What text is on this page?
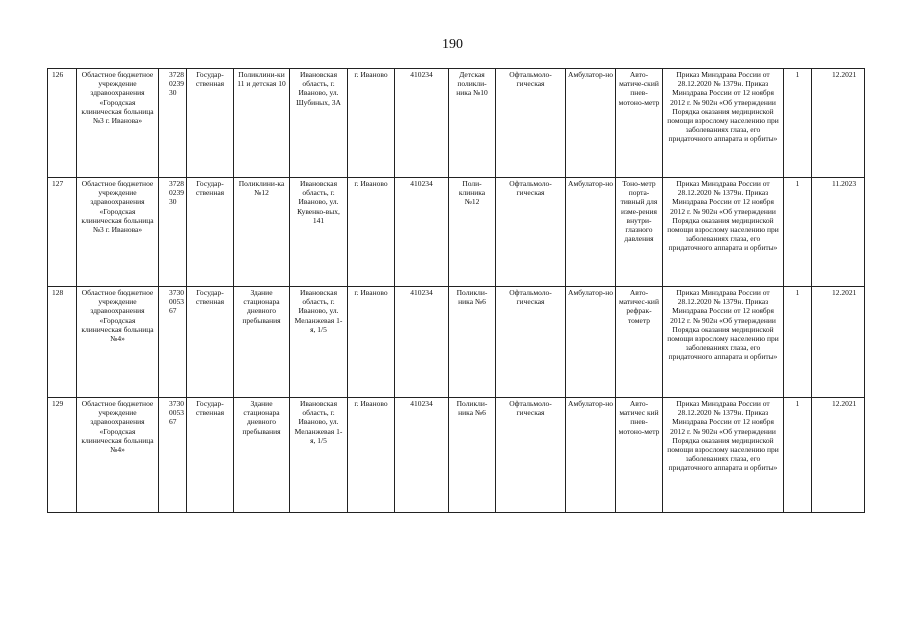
190
126	Областное бюджетное учреждение здравоохранения «Городская клиническая больница №3 г. Иванова»	3728 0239 30	Государ-ственная	Поликлини-ки 11 и детская 10	Ивановская область, г. Иваново, ул. Шубиных, 3А	г. Иваново	410234	Детская поликли-ника №10	Офтальмоло-гическая	Амбулатор-но	Авто-матиче-ский пнев-мотоно-метр	Приказ Минздрава России от 28.12.2020 № 1379н. Приказ Минздрава России от 12 ноября 2012 г. № 902н «Об утверждении Порядка оказания медицинской помощи взрослому населению при заболеваниях глаза, его придаточного аппарата и орбиты»	1	12.2021
127	Областное бюджетное учреждение здравоохранения «Городская клиническая больница №3 г. Иванова»	3728 0239 30	Государ-ственная	Поликлини-ка №12	Ивановская область, г. Иваново, ул. Кувенко-вых, 141	г. Иваново	410234	Поли-клиника №12	Офтальмоло-гическая	Амбулатор-но	Тоно-метр порта-тивный для изме-рения внутри-глазного давления	Приказ Минздрава России от 28.12.2020 № 1379н. Приказ Минздрава России от 12 ноября 2012 г. № 902н «Об утверждении Порядка оказания медицинской помощи взрослому населению при заболеваниях глаза, его придаточного аппарата и орбиты»	1	11.2023
128	Областное бюджетное учреждение здравоохранения «Городская клиническая больница №4»	3730 0053 67	Государ-ственная	Здание стационара дневного пребывания	Ивановская область, г. Иваново, ул. Меланжевая 1-я, 1/5	г. Иваново	410234	Поликли-ника №6	Офтальмоло-гическая	Амбулатор-но	Авто-матичес-кий рефрак-тометр	Приказ Минздрава России от 28.12.2020 № 1379н. Приказ Минздрава России от 12 ноября 2012 г. № 902н «Об утверждении Порядка оказания медицинской помощи взрослому населению при заболеваниях глаза, его придаточного аппарата и орбиты»	1	12.2021
129	Областное бюджетное учреждение здравоохранения «Городская клиническая больница №4»	3730 0053 67	Государ-ственная	Здание стационара дневного пребывания	Ивановская область, г. Иваново, ул. Меланжевая 1-я, 1/5	г. Иваново	410234	Поликли-ника №6	Офтальмоло-гическая	Амбулатор-но	Авто-матичес кий пнев-мотоно-метр	Приказ Минздрава России от 28.12.2020 № 1379н. Приказ Минздрава России от 12 ноября 2012 г. № 902н «Об утверждении Порядка оказания медицинской помощи взрослому населению при заболеваниях глаза, его придаточного аппарата и орбиты»	1	12.2021
